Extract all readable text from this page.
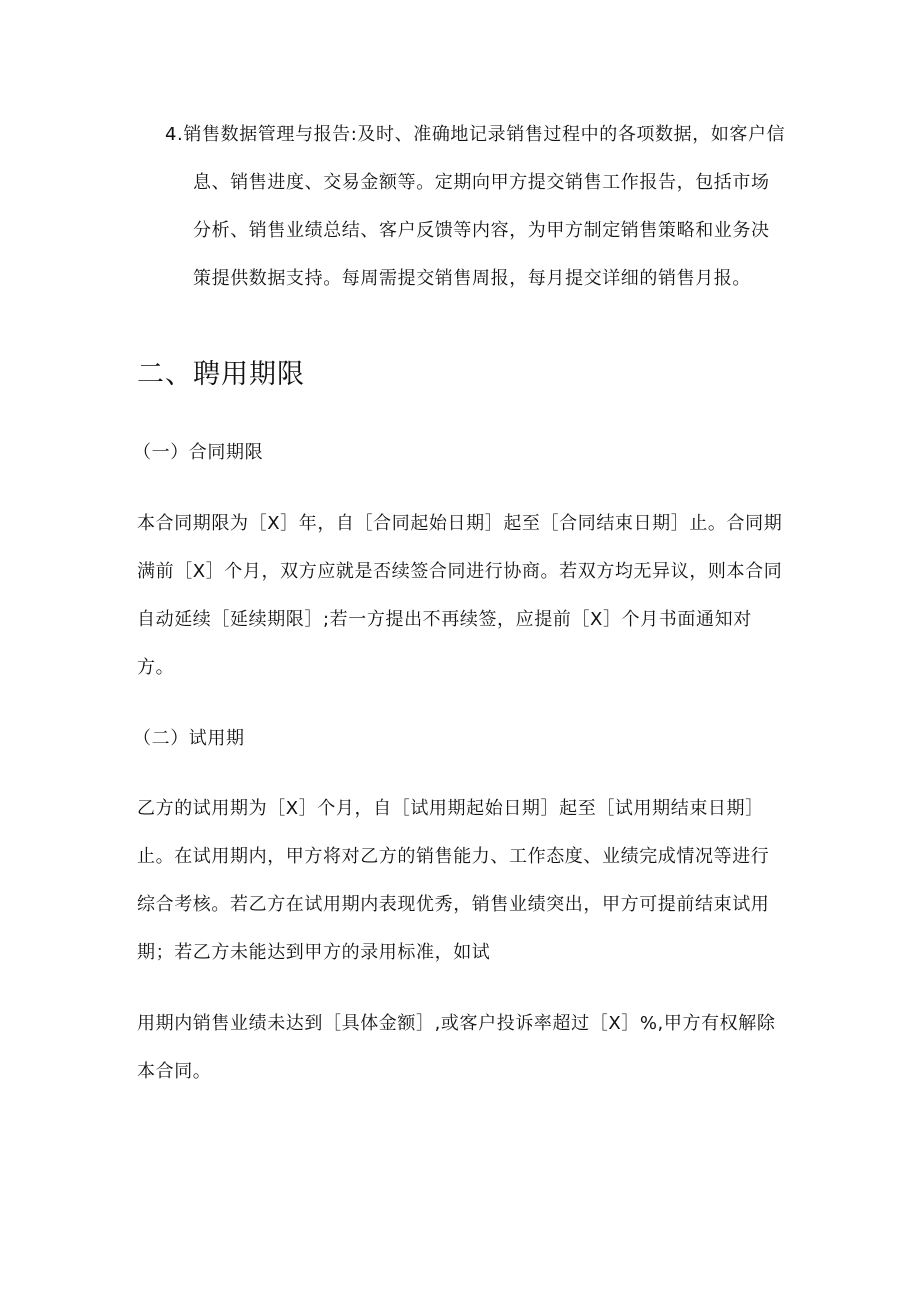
4.销售数据管理与报告:及时、准确地记录销售过程中的各项数据，如客户信
息、销售进度、交易金额等。定期向甲方提交销售工作报告，包括市场
分析、销售业绩总结、客户反馈等内容，为甲方制定销售策略和业务决
策提供数据支持。每周需提交销售周报，每月提交详细的销售月报。
二、聘用期限
（一）合同期限
本合同期限为［X］年，自［合同起始日期］起至［合同结束日期］止。合同期
满前［X］个月，双方应就是否续签合同进行协商。若双方均无异议，则本合同
自动延续［延续期限］;若一方提出不再续签，应提前［X］个月书面通知对
方。
（二）试用期
乙方的试用期为［X］个月，自［试用期起始日期］起至［试用期结束日期］
止。在试用期内，甲方将对乙方的销售能力、工作态度、业绩完成情况等进行
综合考核。若乙方在试用期内表现优秀，销售业绩突出，甲方可提前结束试用
期；若乙方未能达到甲方的录用标准，如试
用期内销售业绩未达到［具体金额］,或客户投诉率超过［X］%,甲方有权解除
本合同。
